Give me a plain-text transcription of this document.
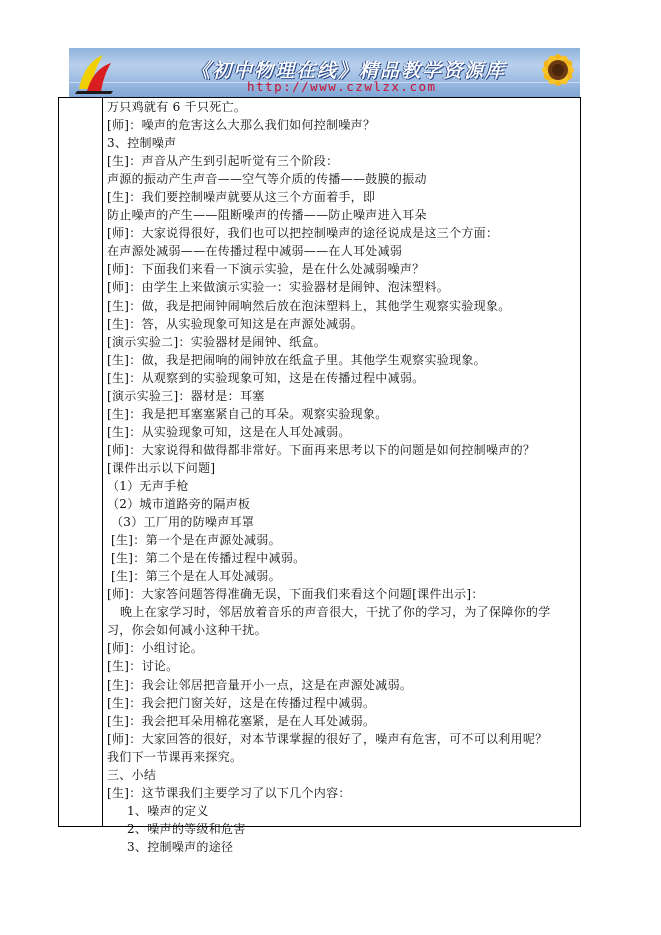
《初中物理在线》精品教学资源库
http://www.czwlzx.com
万只鸡就有 6 千只死亡。
[师]：噪声的危害这么大那么我们如何控制噪声？
3、控制噪声
[生]：声音从产生到引起听觉有三个阶段：
声源的振动产生声音——空气等介质的传播——鼓膜的振动
[生]：我们要控制噪声就要从这三个方面着手，即
防止噪声的产生——阻断噪声的传播——防止噪声进入耳朵
[师]：大家说得很好，我们也可以把控制噪声的途径说成是这三个方面：
在声源处减弱——在传播过程中减弱——在人耳处减弱
[师]：下面我们来看一下演示实验，是在什么处减弱噪声？
[师]：由学生上来做演示实验一：实验器材是闹钟、泡沫塑料。
[生]：做，我是把闹钟闹响然后放在泡沫塑料上，其他学生观察实验现象。
[生]：答，从实验现象可知这是在声源处减弱。
[演示实验二]：实验器材是闹钟、纸盒。
[生]：做，我是把闹响的闹钟放在纸盒子里。其他学生观察实验现象。
[生]：从观察到的实验现象可知，这是在传播过程中减弱。
[演示实验三]：器材是：耳塞
[生]：我是把耳塞塞紧自己的耳朵。观察实验现象。
[生]：从实验现象可知，这是在人耳处减弱。
[师]：大家说得和做得都非常好。下面再来思考以下的问题是如何控制噪声的？
[课件出示以下问题]
（1）无声手枪
（2）城市道路旁的隔声板
（3）工厂用的防噪声耳罩
[生]：第一个是在声源处减弱。
[生]：第二个是在传播过程中减弱。
[生]：第三个是在人耳处减弱。
[师]：大家答问题答得准确无误，下面我们来看这个问题[课件出示]：
晚上在家学习时，邻居放着音乐的声音很大，干扰了你的学习，为了保障你的学
习，你会如何减小这种干扰。
[师]：小组讨论。
[生]：讨论。
[生]：我会让邻居把音量开小一点，这是在声源处减弱。
[生]：我会把门窗关好，这是在传播过程中减弱。
[生]：我会把耳朵用棉花塞紧，是在人耳处减弱。
[师]：大家回答的很好，对本节课掌握的很好了，噪声有危害，可不可以利用呢？
我们下一节课再来探究。
三、小结
[生]：这节课我们主要学习了以下几个内容：
1、噪声的定义
2、噪声的等级和危害
3、控制噪声的途径
